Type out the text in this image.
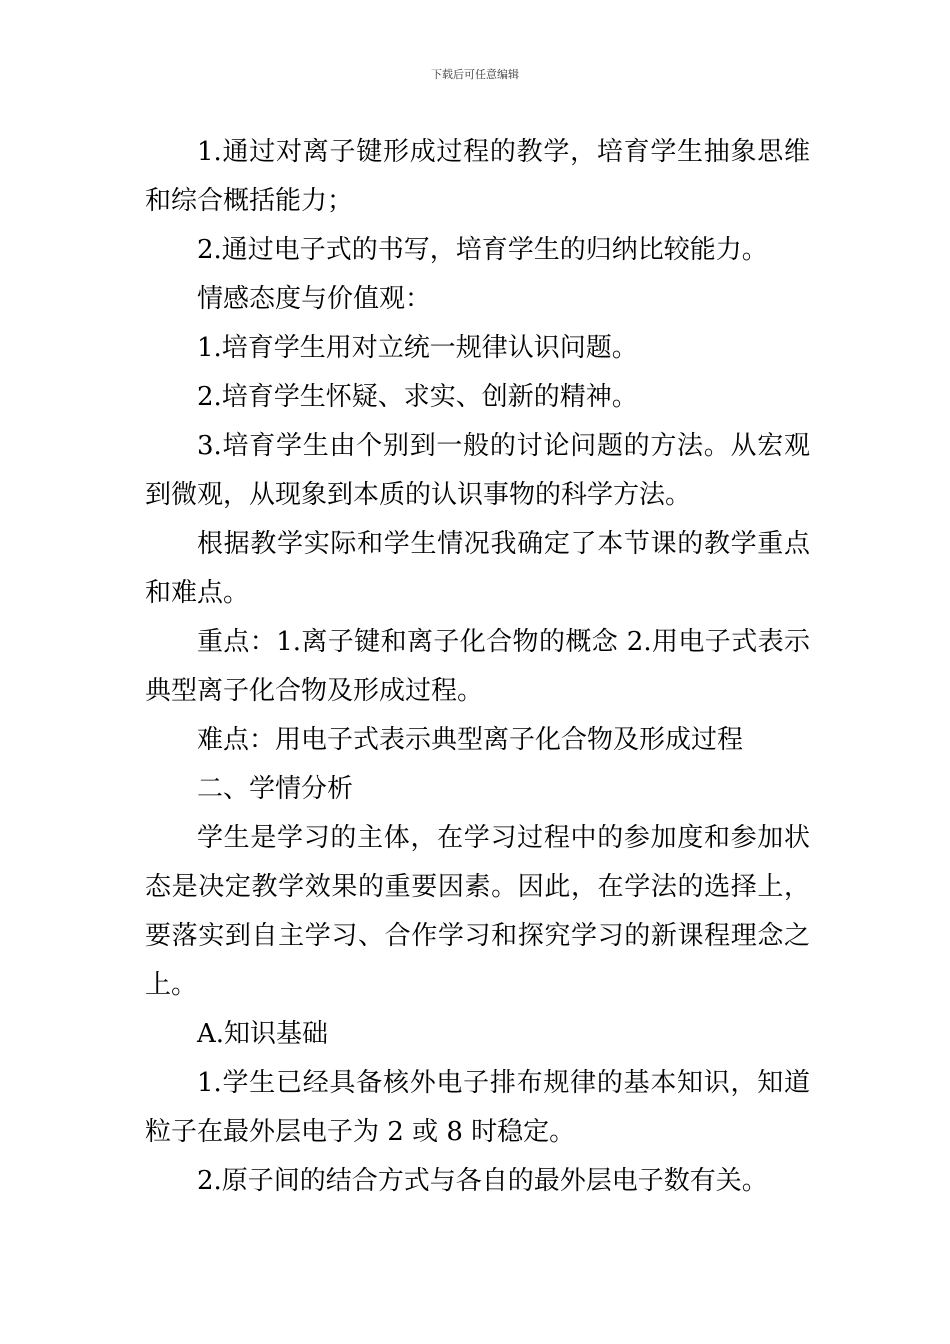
下载后可任意编辑

1.通过对离子键形成过程的教学，培育学生抽象思维和综合概括能力；

2.通过电子式的书写，培育学生的归纳比较能力。

情感态度与价值观：

1.培育学生用对立统一规律认识问题。

2.培育学生怀疑、求实、创新的精神。

3.培育学生由个别到一般的讨论问题的方法。从宏观到微观，从现象到本质的认识事物的科学方法。

根据教学实际和学生情况我确定了本节课的教学重点和难点。

重点：1.离子键和离子化合物的概念 2.用电子式表示典型离子化合物及形成过程。

难点：用电子式表示典型离子化合物及形成过程

二、学情分析

学生是学习的主体，在学习过程中的参加度和参加状态是决定教学效果的重要因素。因此，在学法的选择上，要落实到自主学习、合作学习和探究学习的新课程理念之上。

A.知识基础

1.学生已经具备核外电子排布规律的基本知识，知道粒子在最外层电子为 2 或 8 时稳定。

2.原子间的结合方式与各自的最外层电子数有关。
